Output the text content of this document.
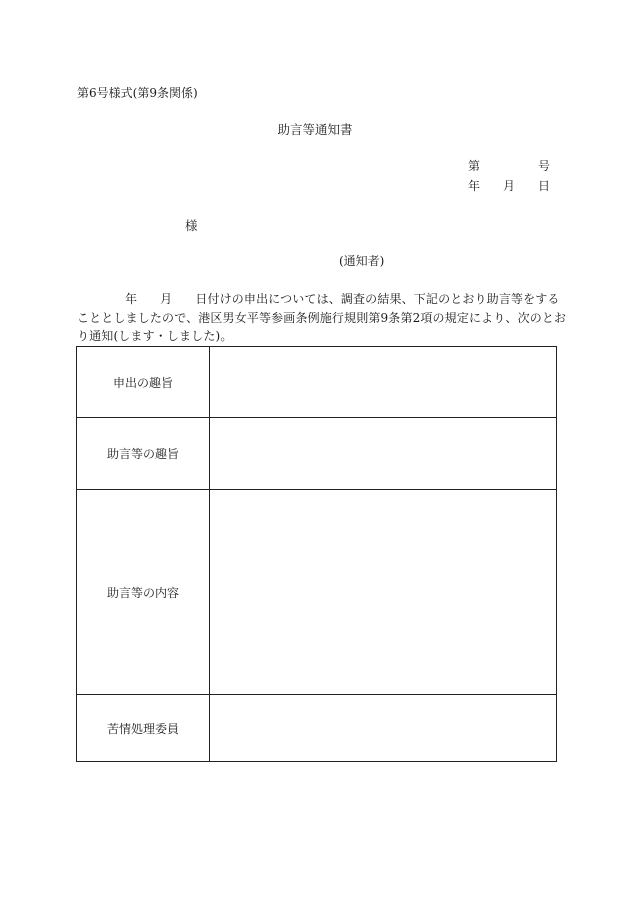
第6号様式(第9条関係)
助言等通知書
第	号
年 月 日
様
(通知者)
年 月 日付けの申出については、調査の結果、下記のとおり助言等をする
こととしましたので、港区男女平等参画条例施行規則第9条第2項の規定により、次のとお
り通知(します・しました)。
申出の趣旨	
助言等の趣旨	
助言等の内容	
苦情処理委員	
